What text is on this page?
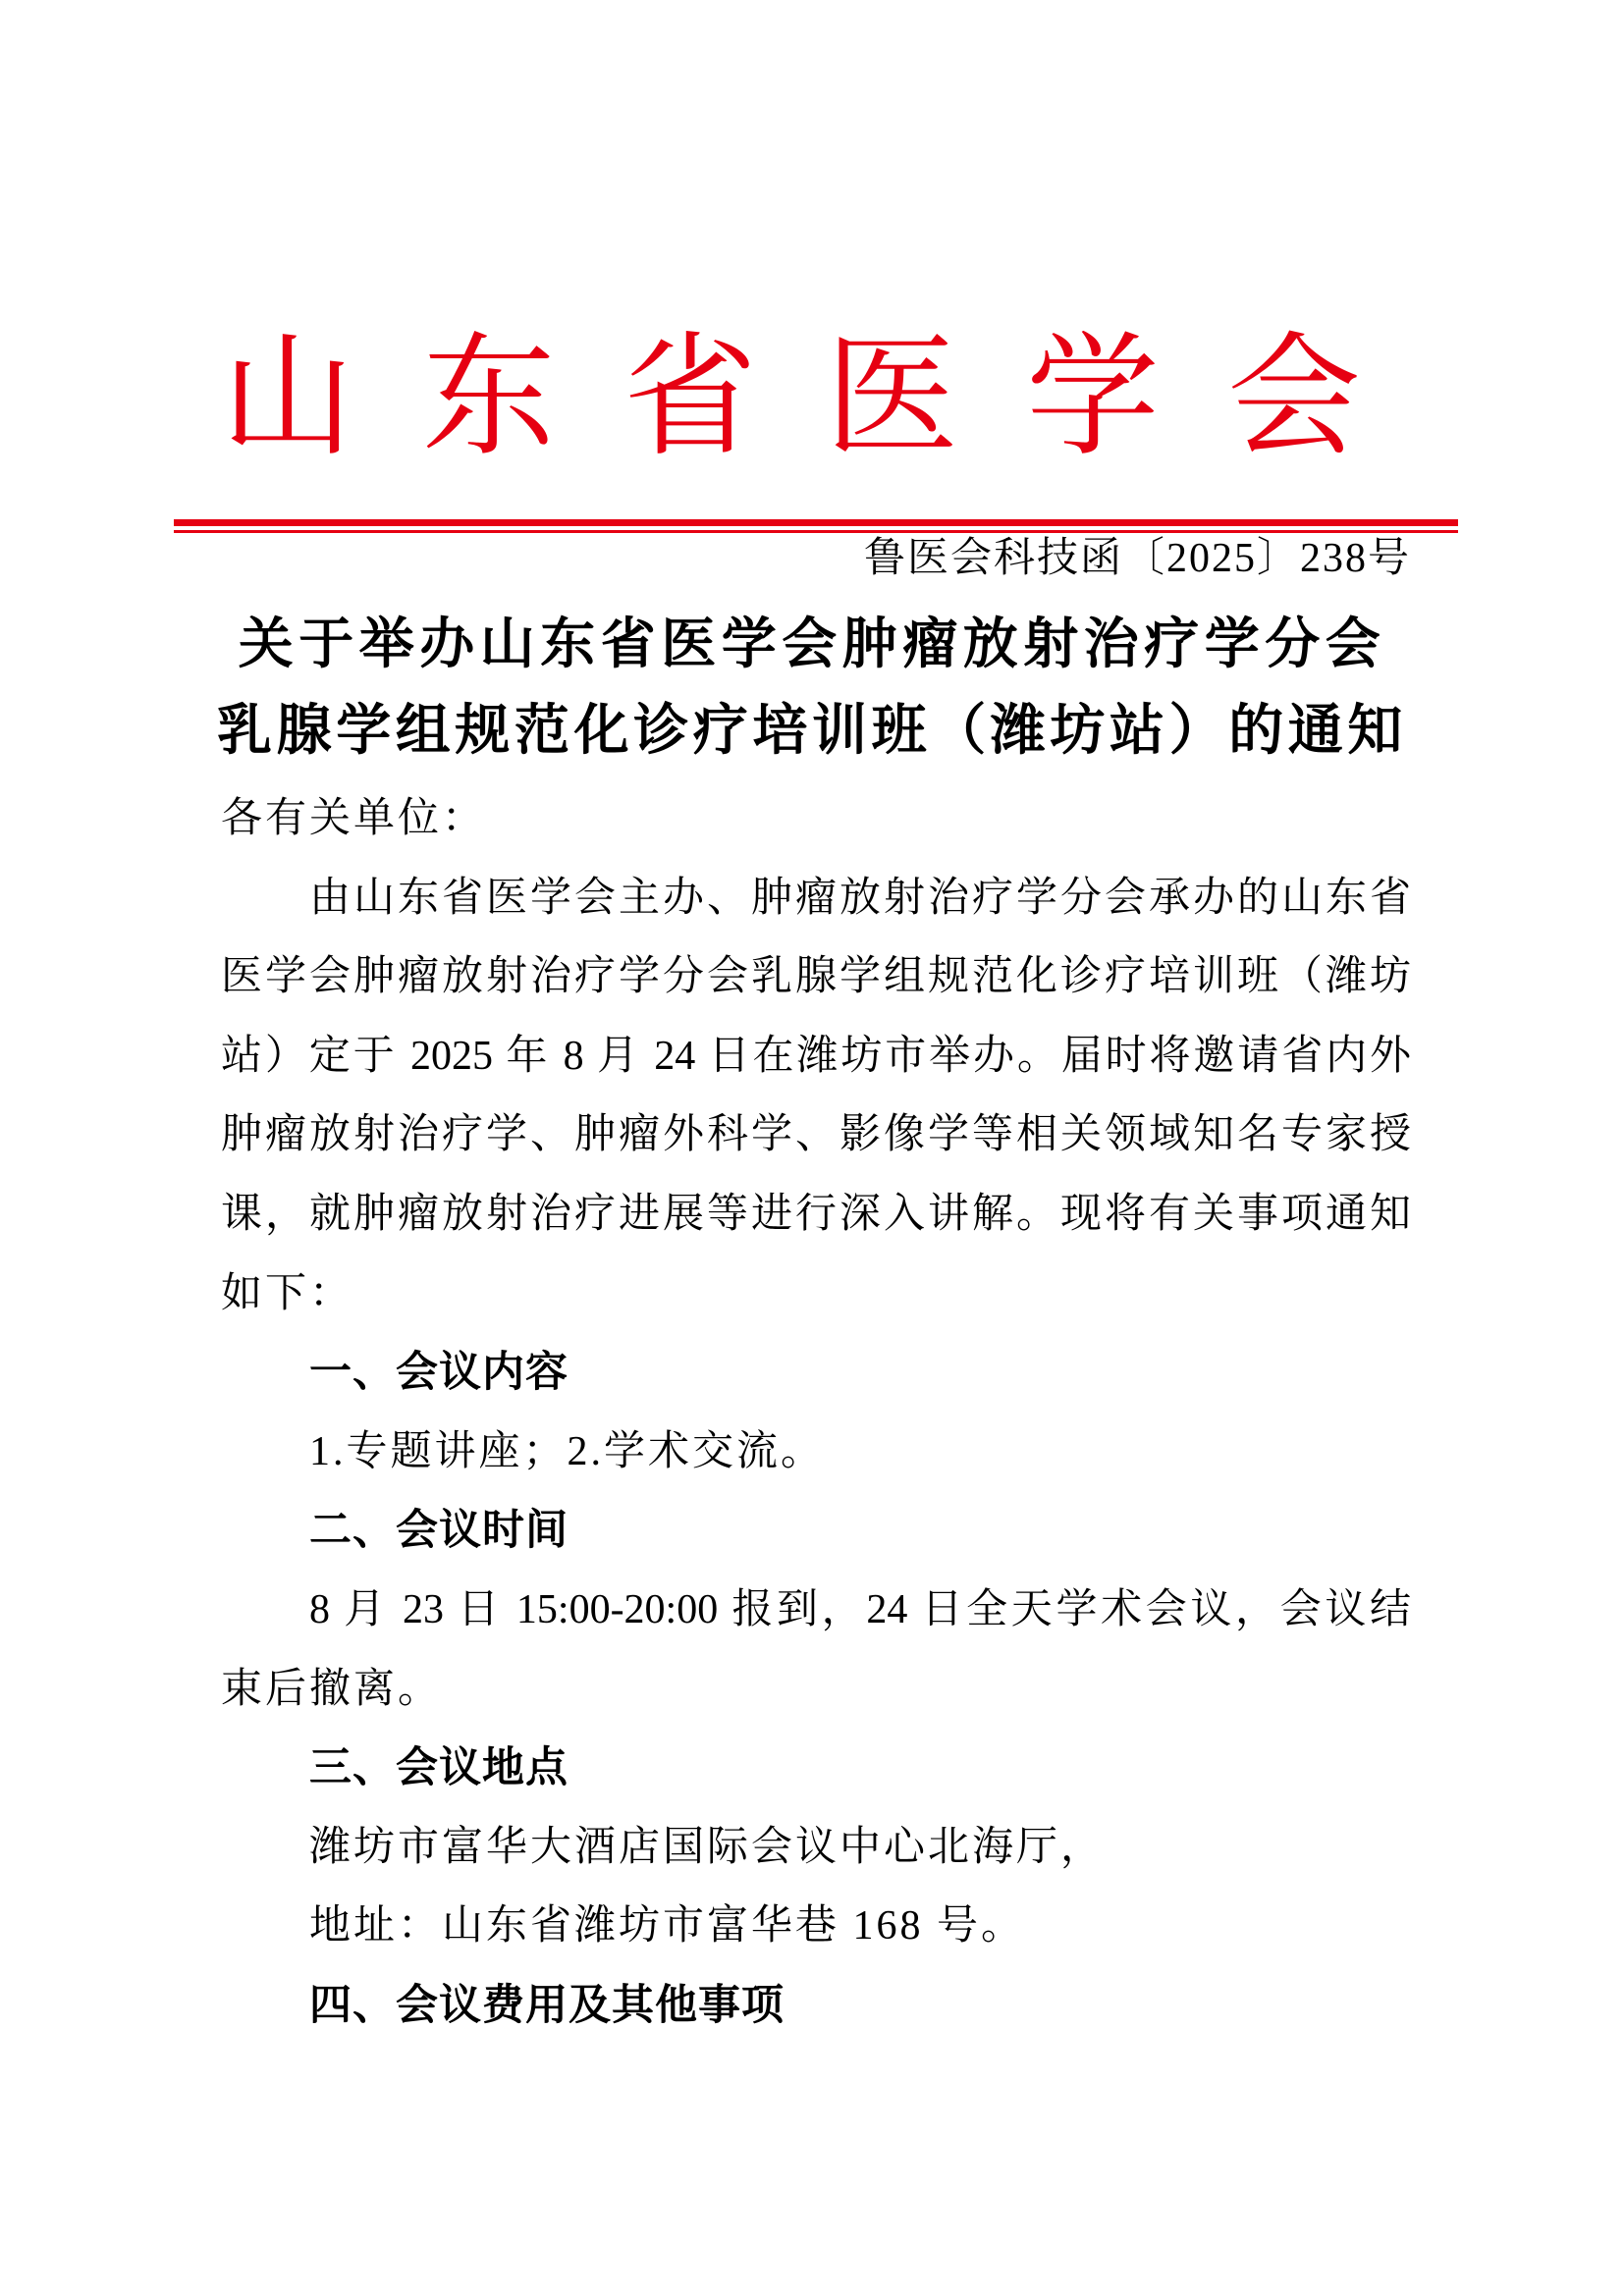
山东省医学会
鲁医会科技函〔2025〕238号
关于举办山东省医学会肿瘤放射治疗学分会
乳腺学组规范化诊疗培训班（潍坊站）的通知
各有关单位：
由山东省医学会主办、肿瘤放射治疗学分会承办的山东省
医学会肿瘤放射治疗学分会乳腺学组规范化诊疗培训班（潍坊
站）定于 2025 年 8 月 24 日在潍坊市举办。届时将邀请省内外
肿瘤放射治疗学、肿瘤外科学、影像学等相关领域知名专家授
课，就肿瘤放射治疗进展等进行深入讲解。现将有关事项通知
如下：
一、会议内容
1.专题讲座；2.学术交流。
二、会议时间
8 月 23 日 15:00-20:00 报到，24 日全天学术会议，会议结
束后撤离。
三、会议地点
潍坊市富华大酒店国际会议中心北海厅，
地址：山东省潍坊市富华巷 168 号。
四、会议费用及其他事项
